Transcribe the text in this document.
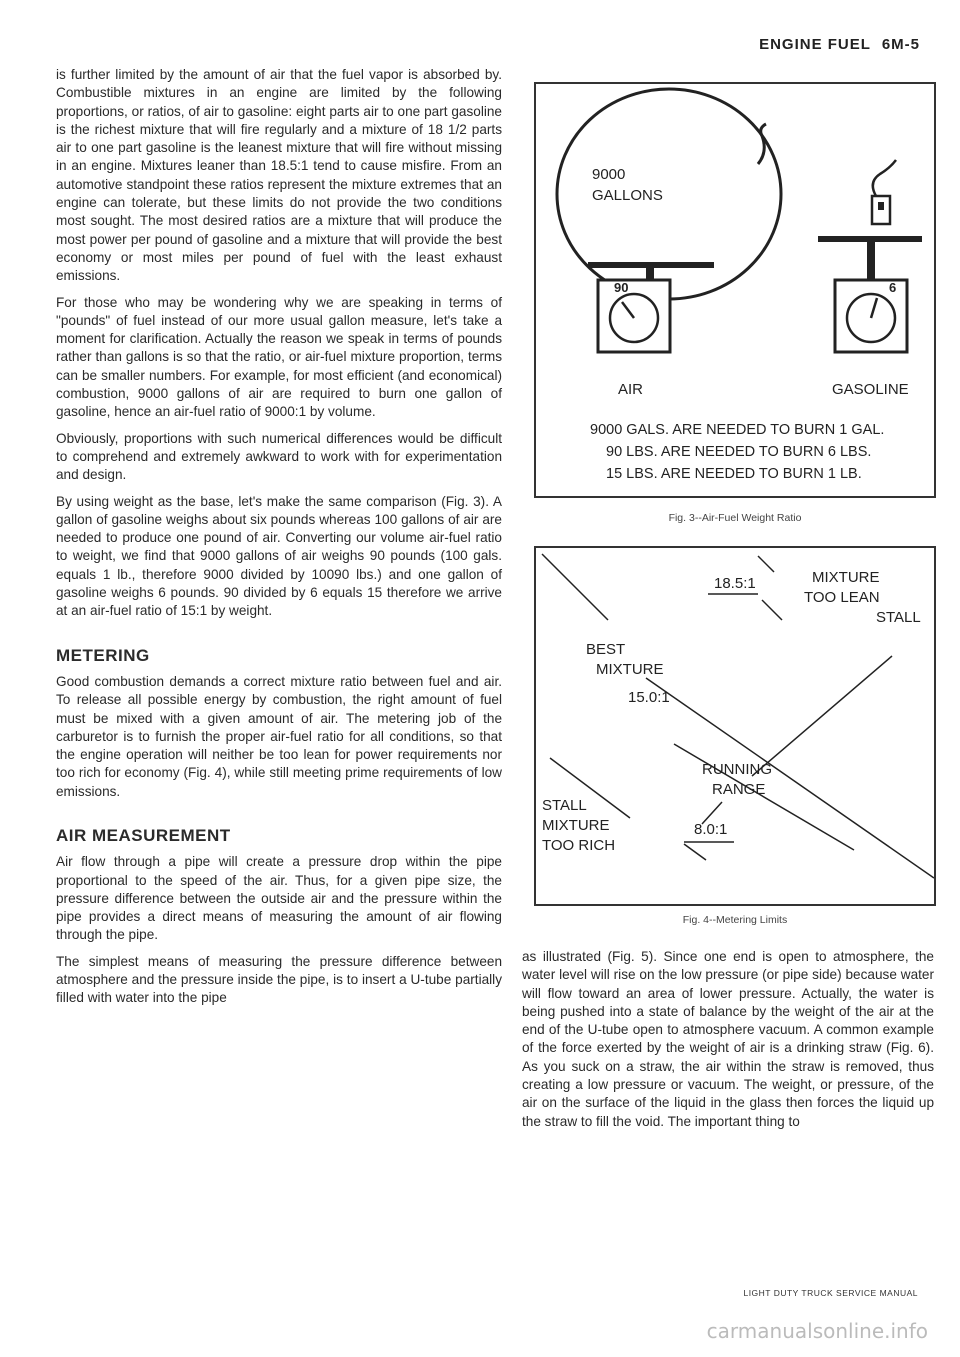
ENGINE FUEL 6M-5

is further limited by the amount of air that the fuel vapor is absorbed by. Combustible mixtures in an engine are limited by the following proportions, or ratios, of air to gasoline: eight parts air to one part gasoline is the richest mixture that will fire regularly and a mixture of 18 1/2 parts air to one part gasoline is the leanest mixture that will fire without missing in an engine. Mixtures leaner than 18.5:1 tend to cause misfire. From an automotive standpoint these ratios represent the mixture extremes that an engine can tolerate, but these limits do not provide the two conditions most sought. The most desired ratios are a mixture that will produce the most power per pound of gasoline and a mixture that will provide the best economy or most miles per pound of fuel with the least exhaust emissions.

For those who may be wondering why we are speaking in terms of "pounds" of fuel instead of our more usual gallon measure, let's take a moment for clarification. Actually the reason we speak in terms of pounds rather than gallons is so that the ratio, or air-fuel mixture proportion, terms can be smaller numbers. For example, for most efficient (and economical) combustion, 9000 gallons of air are required to burn one gallon of gasoline, hence an air-fuel ratio of 9000:1 by volume.

Obviously, proportions with such numerical differences would be difficult to comprehend and extremely awkward to work with for experimentation and design.

By using weight as the base, let's make the same comparison (Fig. 3). A gallon of gasoline weighs about six pounds whereas 100 gallons of air are needed to produce one pound of air. Converting our volume air-fuel ratio to weight, we find that 9000 gallons of air weighs 90 pounds (100 gals. equals 1 lb., therefore 9000 divided by 10090 lbs.) and one gallon of gasoline weighs 6 pounds. 90 divided by 6 equals 15 therefore we arrive at an air-fuel ratio of 15:1 by weight.

METERING

Good combustion demands a correct mixture ratio between fuel and air. To release all possible energy by combustion, the right amount of fuel must be mixed with a given amount of air. The metering job of the carburetor is to furnish the proper air-fuel ratio for all conditions, so that the engine operation will neither be too lean for power requirements nor too rich for economy (Fig. 4), while still meeting prime requirements of low emissions.

AIR MEASUREMENT

Air flow through a pipe will create a pressure drop within the pipe proportional to the speed of the air. Thus, for a given pipe size, the pressure difference between the outside air and the pressure within the pipe provides a direct means of measuring the amount of air flowing through the pipe.

The simplest means of measuring the pressure difference between atmosphere and the pressure inside the pipe, is to insert a U-tube partially filled with water into the pipe

9000
GALLONS
90	6
AIR	GASOLINE
9000 GALS. ARE NEEDED TO BURN 1 GAL.
90 LBS. ARE NEEDED TO BURN 6 LBS.
15 LBS. ARE NEEDED TO BURN 1 LB.
Fig. 3--Air-Fuel Weight Ratio
18.5:1	MIXTURE
TOO LEAN
STALL
BEST
MIXTURE
15.0:1
RUNNING
RANGE
STALL
MIXTURE
TOO RICH
8.0:1
Fig. 4--Metering Limits

as illustrated (Fig. 5). Since one end is open to atmosphere, the water level will rise on the low pressure (or pipe side) because water will flow toward an area of lower pressure. Actually, the water is being pushed into a state of balance by the weight of the air at the end of the U-tube open to atmosphere vacuum. A common example of the force exerted by the weight of air is a drinking straw (Fig. 6). As you suck on a straw, the air within the straw is removed, thus creating a low pressure or vacuum. The weight, or pressure, of the air on the surface of the liquid in the glass then forces the liquid up the straw to fill the void. The important thing to

LIGHT DUTY TRUCK SERVICE MANUAL
carmanualsonline.info
